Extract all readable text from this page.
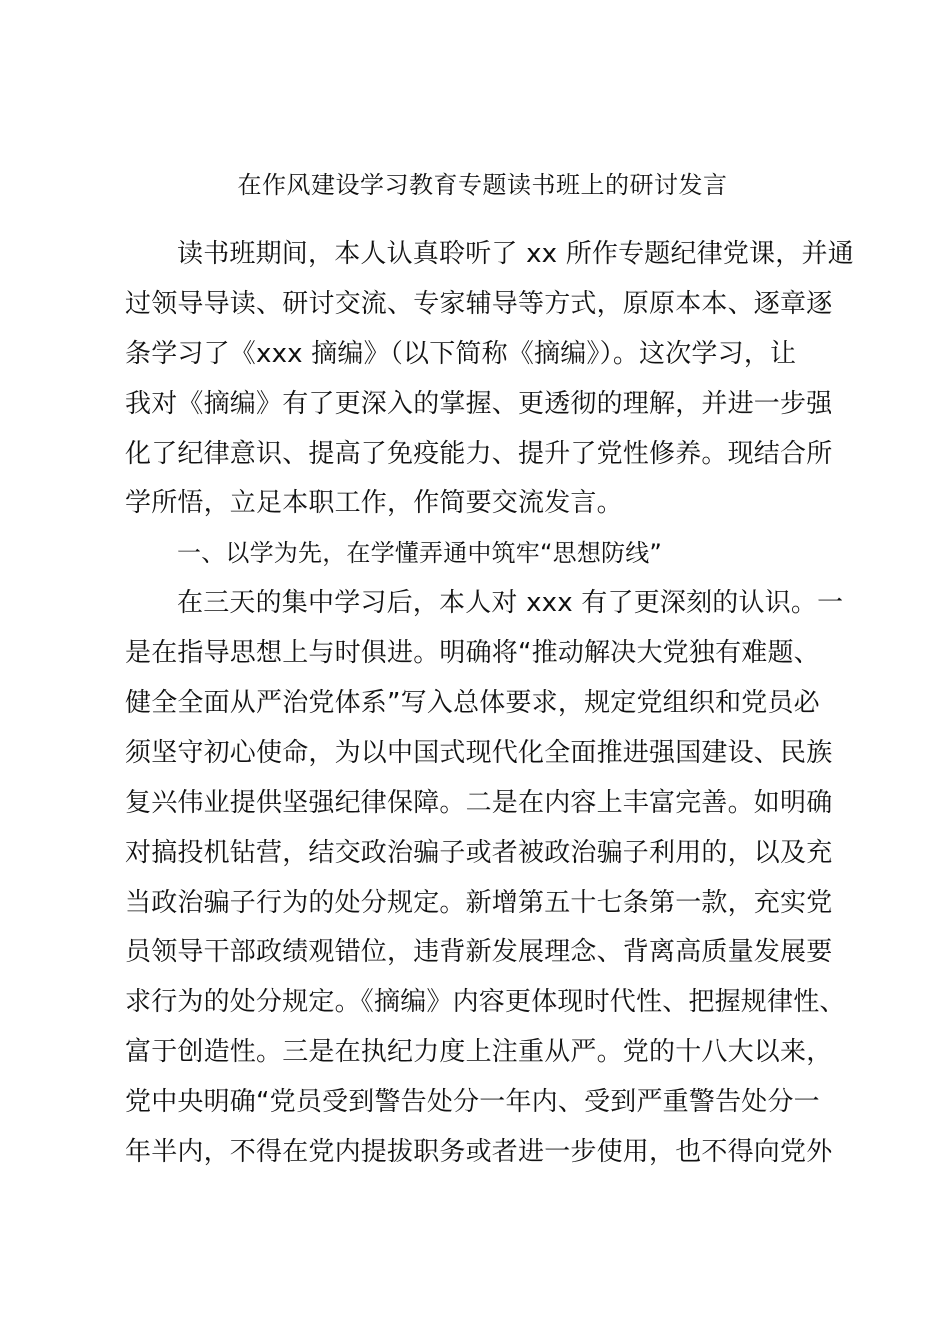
在作风建设学习教育专题读书班上的研讨发言
读书班期间，本人认真聆听了 xx 所作专题纪律党课，并通
过领导导读、研讨交流、专家辅导等方式，原原本本、逐章逐
条学习了《xxx 摘编》（以下简称《摘编》）。这次学习，让
我对《摘编》有了更深入的掌握、更透彻的理解，并进一步强
化了纪律意识、提高了免疫能力、提升了党性修养。现结合所
学所悟，立足本职工作，作简要交流发言。
一、以学为先，在学懂弄通中筑牢“思想防线”
在三天的集中学习后，本人对 xxx 有了更深刻的认识。一
是在指导思想上与时俱进。明确将“推动解决大党独有难题、
健全全面从严治党体系”写入总体要求，规定党组织和党员必
须坚守初心使命，为以中国式现代化全面推进强国建设、民族
复兴伟业提供坚强纪律保障。二是在内容上丰富完善。如明确
对搞投机钻营，结交政治骗子或者被政治骗子利用的，以及充
当政治骗子行为的处分规定。新增第五十七条第一款，充实党
员领导干部政绩观错位，违背新发展理念、背离高质量发展要
求行为的处分规定。《摘编》内容更体现时代性、把握规律性、
富于创造性。三是在执纪力度上注重从严。党的十八大以来，
党中央明确“党员受到警告处分一年内、受到严重警告处分一
年半内，不得在党内提拔职务或者进一步使用，也不得向党外
